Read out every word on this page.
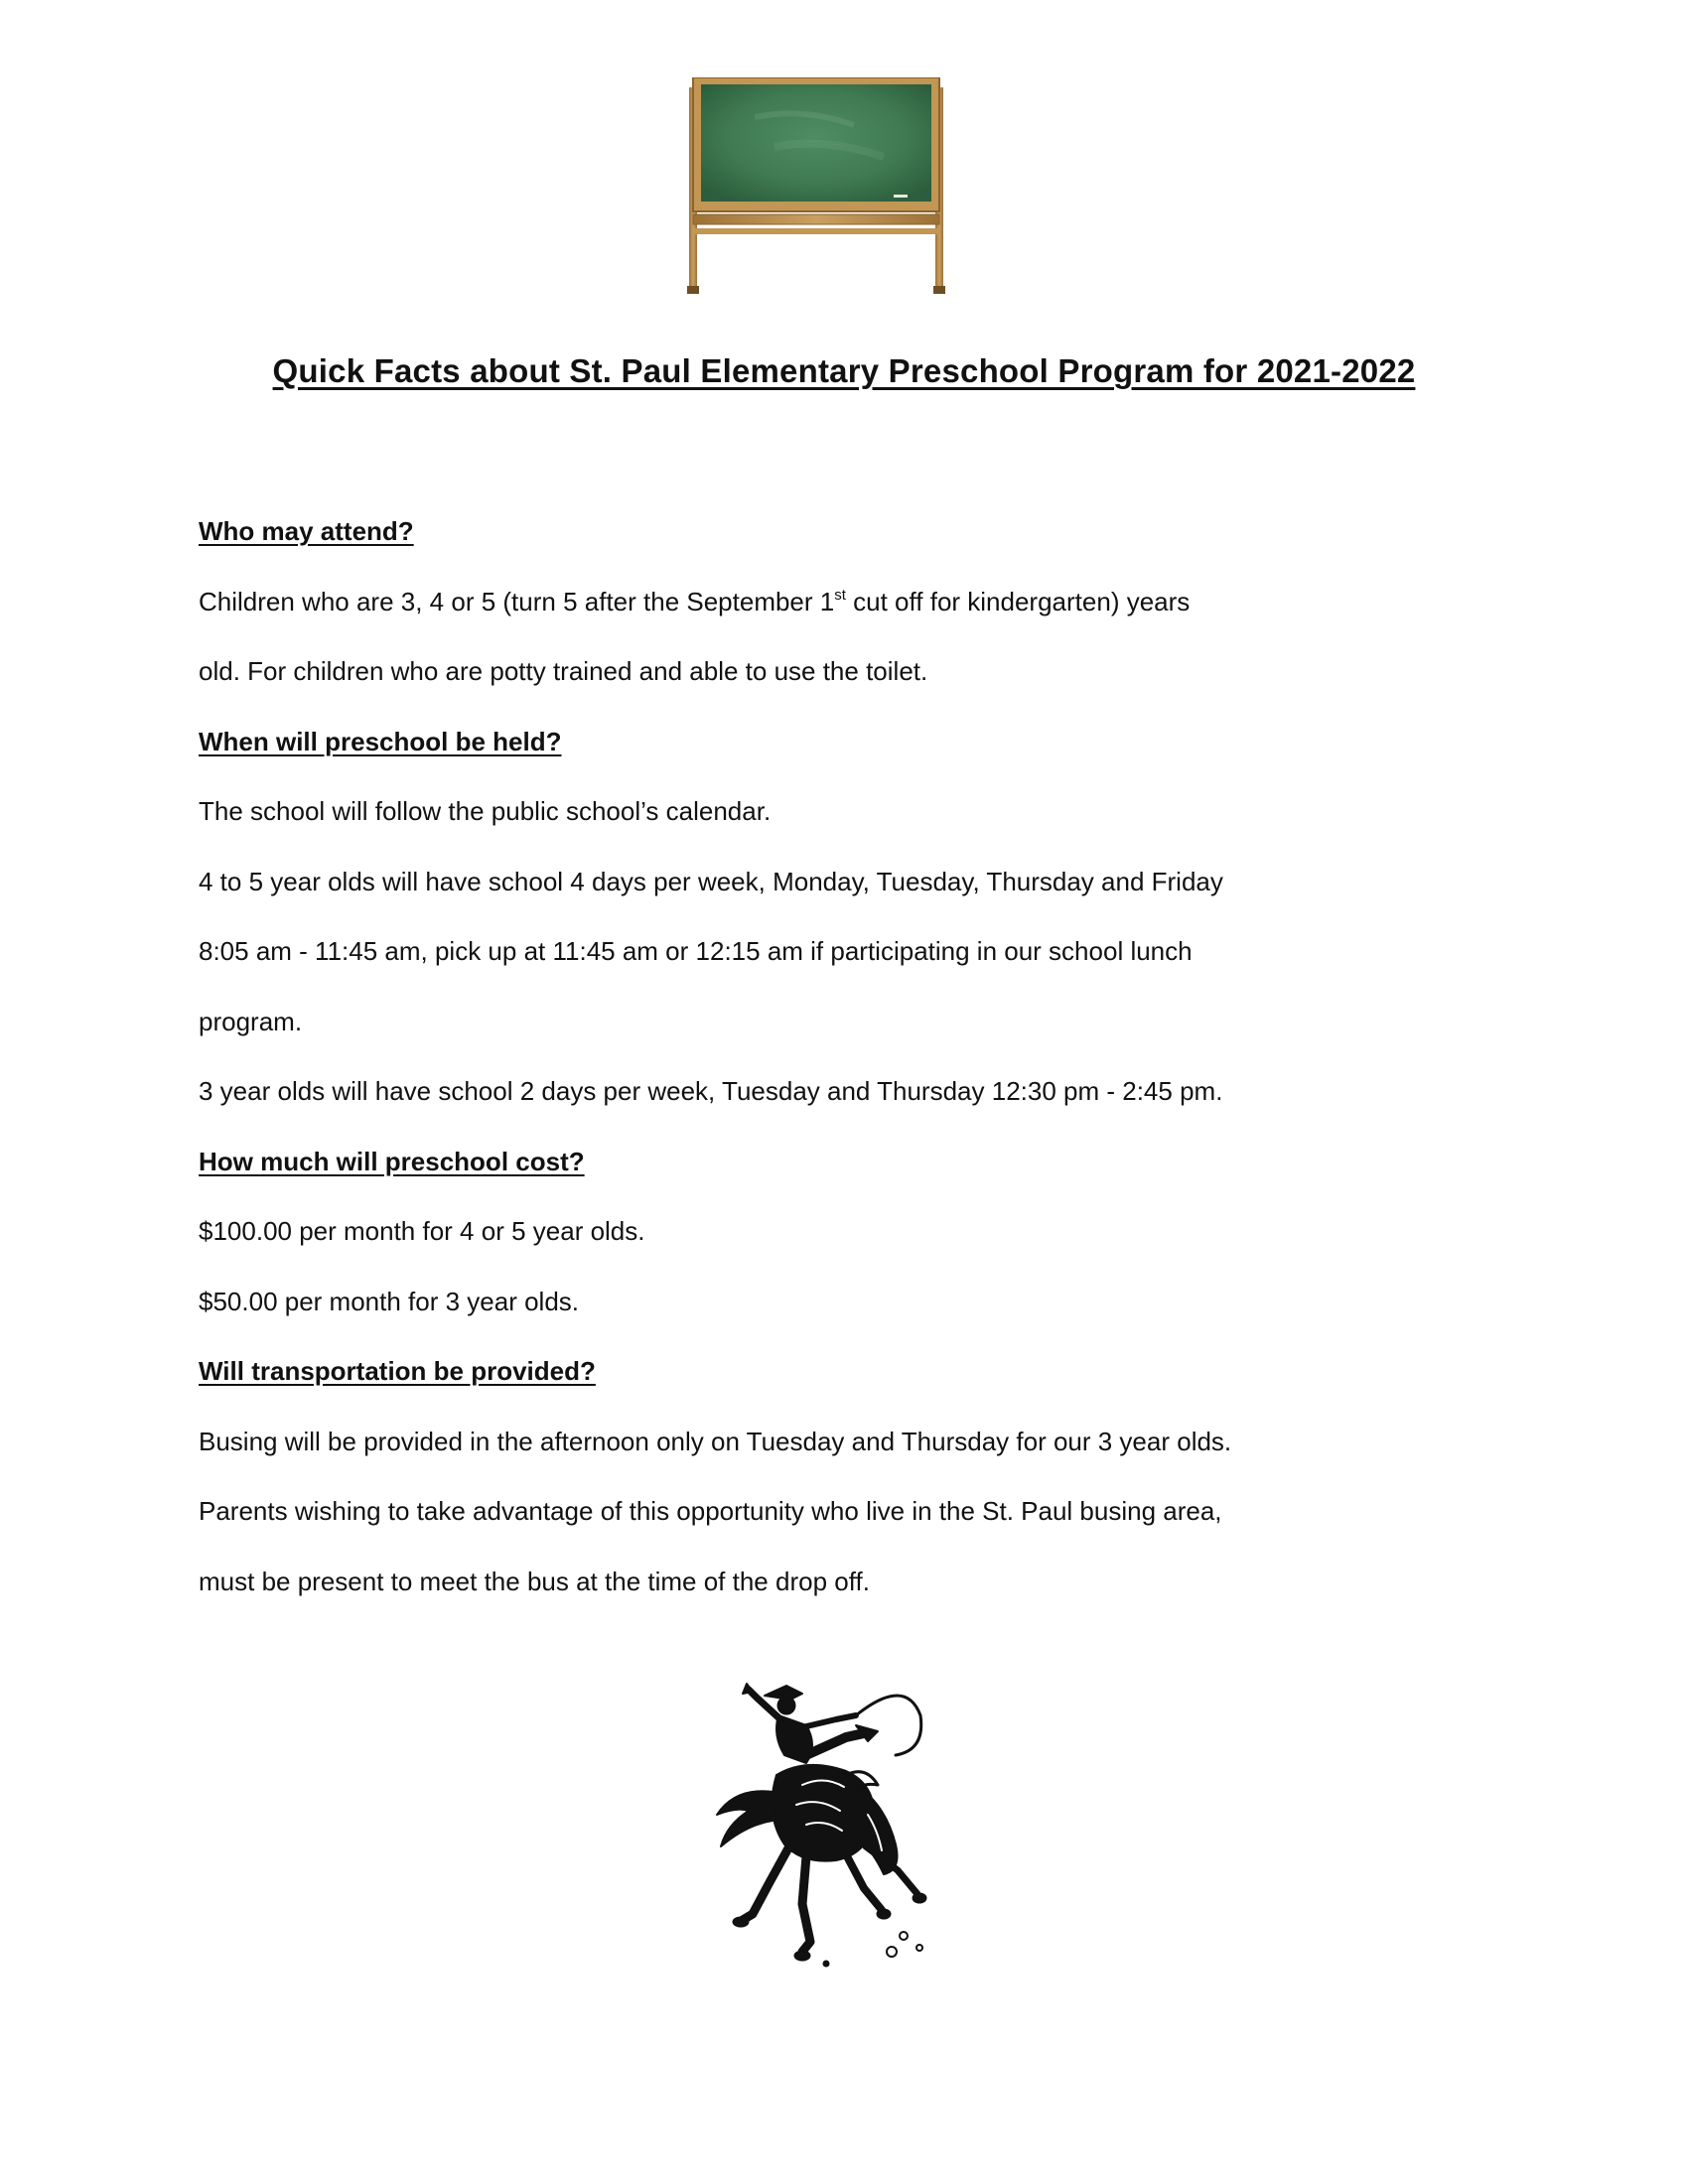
Quick Facts about St. Paul Elementary Preschool Program for 2021-2022

Who may attend?

Children who are 3, 4 or 5 (turn 5 after the September 1st cut off for kindergarten) years

old. For children who are potty trained and able to use the toilet.

When will preschool be held?

The school will follow the public school’s calendar.

4 to 5 year olds will have school 4 days per week, Monday, Tuesday, Thursday and Friday

8:05 am - 11:45 am, pick up at 11:45 am or 12:15 am if participating in our school lunch

program.

3 year olds will have school 2 days per week, Tuesday and Thursday 12:30 pm - 2:45 pm.

How much will preschool cost?

$100.00 per month for 4 or 5 year olds.

$50.00 per month for 3 year olds.

Will transportation be provided?

Busing will be provided in the afternoon only on Tuesday and Thursday for our 3 year olds.

Parents wishing to take advantage of this opportunity who live in the St. Paul busing area,

must be present to meet the bus at the time of the drop off.
